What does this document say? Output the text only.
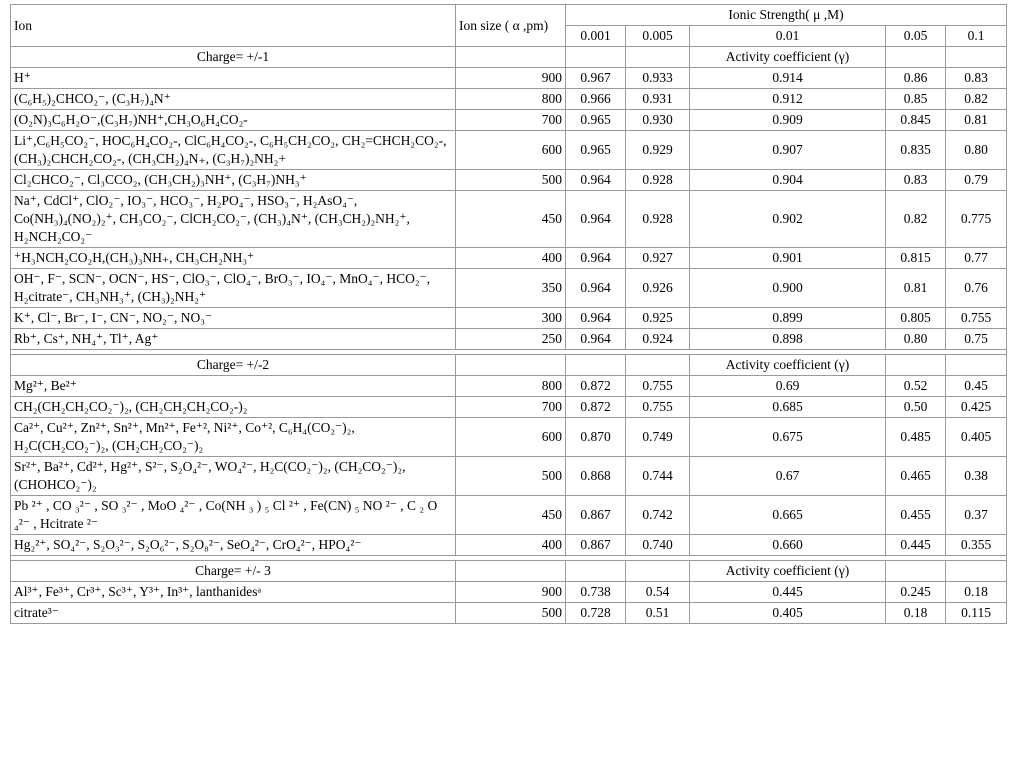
Ion	Ion size ( α ,pm)	Ionic Strength( μ ,M)				
		0.001	0.005	0.01	0.05	0.1
Charge= +/-1				Activity coefficient (γ)		
H⁺	900	0.967	0.933	0.914	0.86	0.83
(C₆H₅)₂CHCO₂⁻, (C₃H₇)₄N⁺	800	0.966	0.931	0.912	0.85	0.82
(O₂N)₃C₆H₂O⁻,(C₃H₇)NH⁺,CH₃O₆H₄CO₂-	700	0.965	0.930	0.909	0.845	0.81
Li⁺,C₆H₅CO₂⁻, HOC₆H₄CO₂-, ClC₆H₄CO₂-, C₆H₅CH₂CO₂, CH₂=CHCH₂CO₂-,(CH₃)₂CHCH₂CO₂-, (CH₃CH₂)₄N₊, (C₃H₇)₂NH₂+	600	0.965	0.929	0.907	0.835	0.80
Cl₂CHCO₂⁻, Cl₃CCO₂, (CH₃CH₂)₃NH⁺, (C₃H₇)NH₃⁺	500	0.964	0.928	0.904	0.83	0.79
Na⁺, CdCl⁺, ClO₂⁻, IO₃⁻, HCO₃⁻, H₂PO₄⁻, HSO₃⁻, H₂AsO₄⁻, Co(NH₃)₄(NO₂)₂⁺, CH₃CO₂⁻, ClCH₂CO₂⁻, (CH₃)₄N⁺, (CH₃CH₂)₂NH₂⁺, H₂NCH₂CO₂⁻	450	0.964	0.928	0.902	0.82	0.775
⁺H₃NCH₂CO₂H,(CH₃)₃NH₊, CH₃CH₂NH₃⁺	400	0.964	0.927	0.901	0.815	0.77
OH⁻, F⁻, SCN⁻, OCN⁻, HS⁻, ClO₃⁻, ClO₄⁻, BrO₃⁻, IO₄⁻, MnO₄⁻, HCO₂⁻, H₂citrate⁻, CH₃NH₃⁺, (CH₃)₂NH₂⁺	350	0.964	0.926	0.900	0.81	0.76
K⁺, Cl⁻, Br⁻, I⁻, CN⁻, NO₂⁻, NO₃⁻	300	0.964	0.925	0.899	0.805	0.755
Rb⁺, Cs⁺, NH₄⁺, Tl⁺, Ag⁺	250	0.964	0.924	0.898	0.80	0.75

Charge= +/-2				Activity coefficient (γ)		
Mg²⁺, Be²⁺	800	0.872	0.755	0.69	0.52	0.45
CH₂(CH₂CH₂CO₂⁻)₂, (CH₂CH₂CH₂CO₂-)₂	700	0.872	0.755	0.685	0.50	0.425
Ca²⁺, Cu²⁺, Zn²⁺, Sn²⁺, Mn²⁺, Fe⁺², Ni²⁺, Co⁺², C₆H₄(CO₂⁻)₂, H₂C(CH₂CO₂⁻)₂, (CH₂CH₂CO₂⁻)₂	600	0.870	0.749	0.675	0.485	0.405
Sr²⁺, Ba²⁺, Cd²⁺, Hg²⁺, S²⁻, S₂O₄²⁻, WO₄²⁻, H₂C(CO₂⁻)₂, (CH₂CO₂⁻)₂, (CHOHCO₂⁻)₂	500	0.868	0.744	0.67	0.465	0.38
Pb ²⁺ , CO ₃²⁻ , SO ₃²⁻ , MoO ₄²⁻ , Co(NH ₃ ) ₅ Cl ²⁺ , Fe(CN) ₅ NO ²⁻ , C ₂ O ₄²⁻ , Hcitrate ²⁻	450	0.867	0.742	0.665	0.455	0.37
Hg₂²⁺, SO₄²⁻, S₂O₃²⁻, S₂O₆²⁻, S₂O₈²⁻, SeO₄²⁻, CrO₄²⁻, HPO₄²⁻	400	0.867	0.740	0.660	0.445	0.355

Charge= +/- 3				Activity coefficient (γ)		
Al³⁺, Fe³⁺, Cr³⁺, Sc³⁺, Y³⁺, In³⁺, lanthanidesᵃ	900	0.738	0.54	0.445	0.245	0.18
citrate³⁻	500	0.728	0.51	0.405	0.18	0.115
